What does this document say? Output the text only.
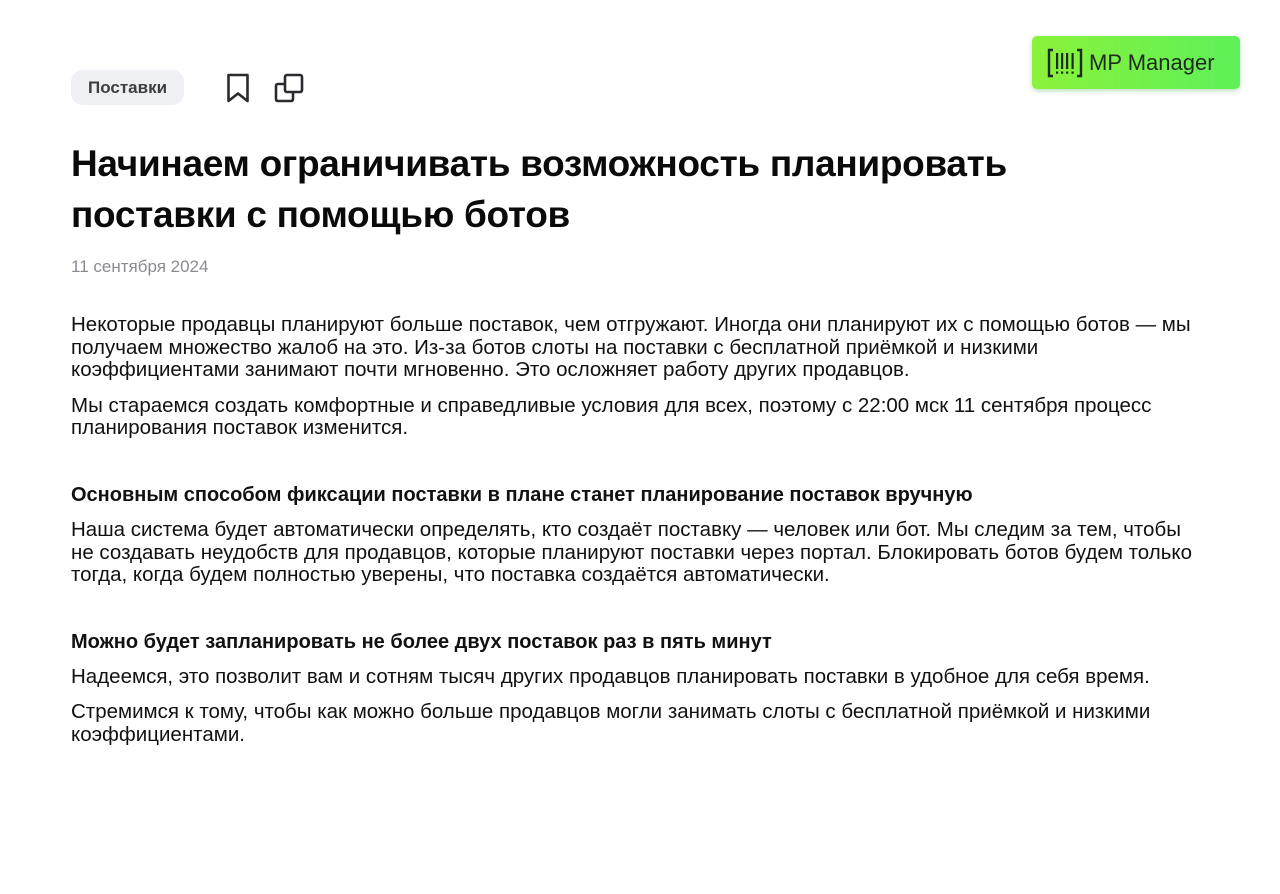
Поставки
MP Manager
Начинаем ограничивать возможность планировать поставки с помощью ботов
11 сентября 2024

Некоторые продавцы планируют больше поставок, чем отгружают. Иногда они планируют их с помощью ботов — мы получаем множество жалоб на это. Из-за ботов слоты на поставки с бесплатной приёмкой и низкими коэффициентами занимают почти мгновенно. Это осложняет работу других продавцов.

Мы стараемся создать комфортные и справедливые условия для всех, поэтому с 22:00 мск 11 сентября процесс планирования поставок изменится.

Основным способом фиксации поставки в плане станет планирование поставок вручную

Наша система будет автоматически определять, кто создаёт поставку — человек или бот. Мы следим за тем, чтобы не создавать неудобств для продавцов, которые планируют поставки через портал. Блокировать ботов будем только тогда, когда будем полностью уверены, что поставка создаётся автоматически.

Можно будет запланировать не более двух поставок раз в пять минут

Надеемся, это позволит вам и сотням тысяч других продавцов планировать поставки в удобное для себя время.

Стремимся к тому, чтобы как можно больше продавцов могли занимать слоты с бесплатной приёмкой и низкими коэффициентами.
